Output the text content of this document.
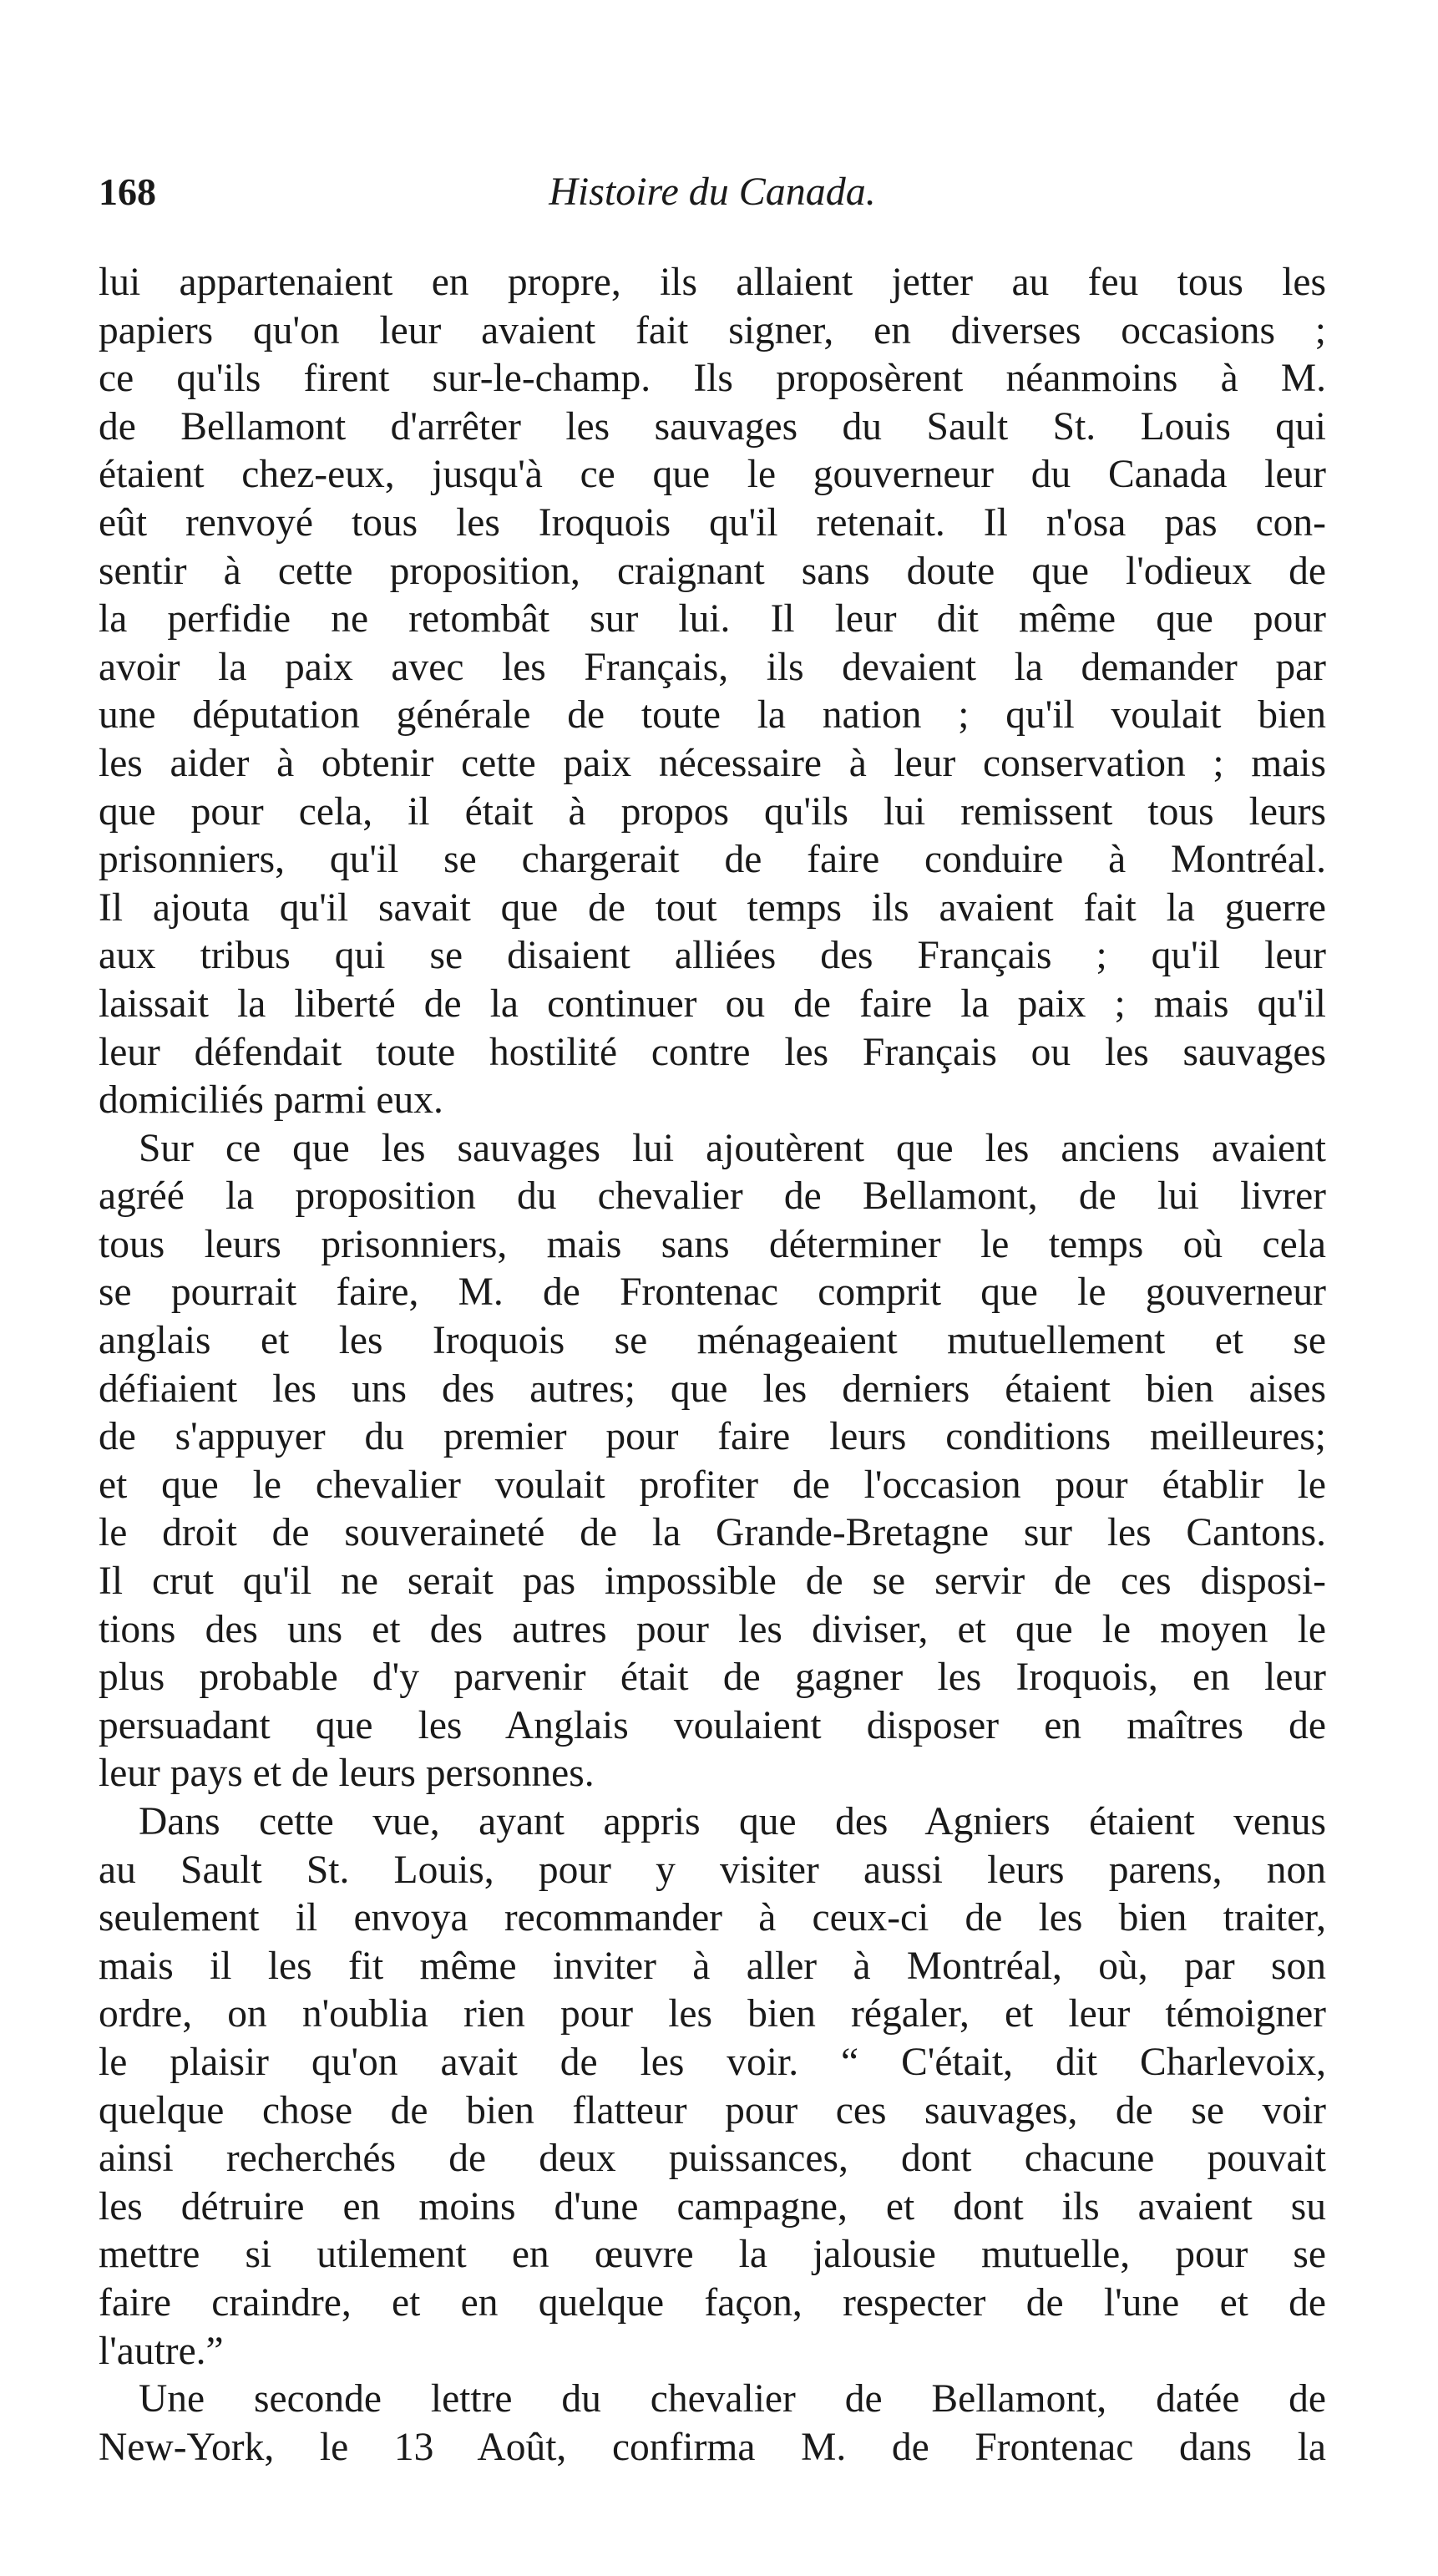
168	Histoire du Canada.
lui appartenaient en propre, ils allaient jetter au feu tous les
papiers qu'on leur avaient fait signer, en diverses occasions ;
ce qu'ils firent sur-le-champ. Ils proposèrent néanmoins à M.
de Bellamont d'arrêter les sauvages du Sault St. Louis qui
étaient chez-eux, jusqu'à ce que le gouverneur du Canada leur
eût renvoyé tous les Iroquois qu'il retenait. Il n'osa pas con-
sentir à cette proposition, craignant sans doute que l'odieux de
la perfidie ne retombât sur lui. Il leur dit même que pour
avoir la paix avec les Français, ils devaient la demander par
une députation générale de toute la nation ; qu'il voulait bien
les aider à obtenir cette paix nécessaire à leur conservation ; mais
que pour cela, il était à propos qu'ils lui remissent tous leurs
prisonniers, qu'il se chargerait de faire conduire à Montréal.
Il ajouta qu'il savait que de tout temps ils avaient fait la guerre
aux tribus qui se disaient alliées des Français ; qu'il leur
laissait la liberté de la continuer ou de faire la paix ; mais qu'il
leur défendait toute hostilité contre les Français ou les sauvages
domiciliés parmi eux.
Sur ce que les sauvages lui ajoutèrent que les anciens avaient
agréé la proposition du chevalier de Bellamont, de lui livrer
tous leurs prisonniers, mais sans déterminer le temps où cela
se pourrait faire, M. de Frontenac comprit que le gouverneur
anglais et les Iroquois se ménageaient mutuellement et se
défiaient les uns des autres; que les derniers étaient bien aises
de s'appuyer du premier pour faire leurs conditions meilleures;
et que le chevalier voulait profiter de l'occasion pour établir le
le droit de souveraineté de la Grande-Bretagne sur les Cantons.
Il crut qu'il ne serait pas impossible de se servir de ces disposi-
tions des uns et des autres pour les diviser, et que le moyen le
plus probable d'y parvenir était de gagner les Iroquois, en leur
persuadant que les Anglais voulaient disposer en maîtres de
leur pays et de leurs personnes.
Dans cette vue, ayant appris que des Agniers étaient venus
au Sault St. Louis, pour y visiter aussi leurs parens, non
seulement il envoya recommander à ceux-ci de les bien traiter,
mais il les fit même inviter à aller à Montréal, où, par son
ordre, on n'oublia rien pour les bien régaler, et leur témoigner
le plaisir qu'on avait de les voir. “ C'était, dit Charlevoix,
quelque chose de bien flatteur pour ces sauvages, de se voir
ainsi recherchés de deux puissances, dont chacune pouvait
les détruire en moins d'une campagne, et dont ils avaient su
mettre si utilement en œuvre la jalousie mutuelle, pour se
faire craindre, et en quelque façon, respecter de l'une et de
l'autre.”
Une seconde lettre du chevalier de Bellamont, datée de
New-York, le 13 Août, confirma M. de Frontenac dans la
